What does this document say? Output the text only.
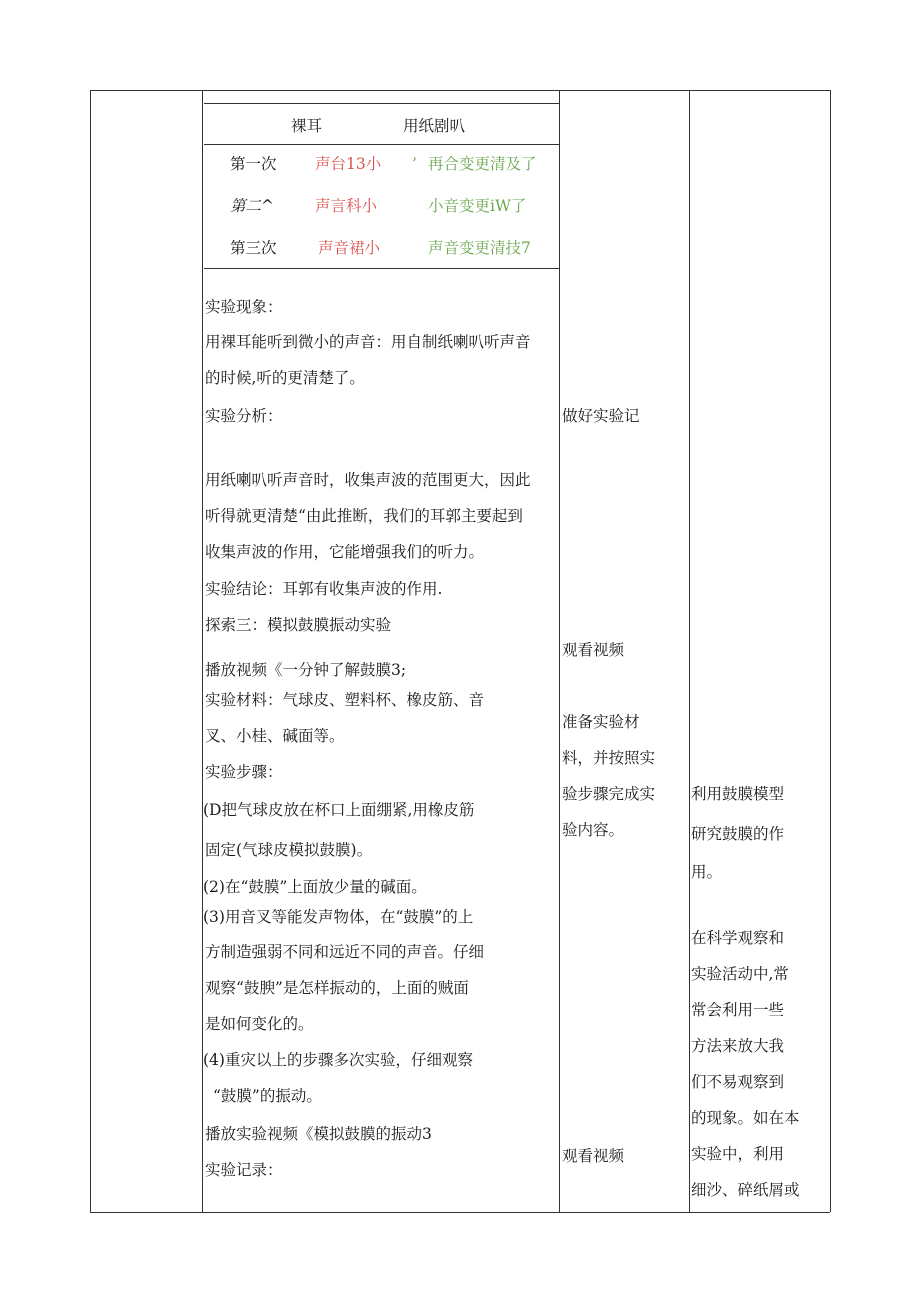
裸耳	用纸剧叭
第一次 声台13小 ’ 再合变更清及了
第二^	声言科小	小音变更iW了
第三次	声音裙小	声音变更清技7
实验现象：
用裸耳能听到微小的声音：用自制纸喇叭听声音
的时候,听的更清楚了。
实验分析：
用纸喇叭听声音时，收集声波的范围更大，因此
听得就更清楚“由此推断，我们的耳郭主要起到
收集声波的作用，它能增强我们的听力。
实验结论：耳郭有收集声波的作用.
探索三：模拟鼓膜振动实验
播放视频《一分钟了解鼓膜3;
实验材料：气球皮、塑料杯、橡皮筋、音
叉、小桂、碱面等。
实验步骤：
(D把气球皮放在杯口上面绷紧,用橡皮筋
固定(气球皮模拟鼓膜)。
(2)在“鼓膜”上面放少量的碱面。
(3)用音叉等能发声物体，在“鼓膜”的上
方制造强弱不同和远近不同的声音。仔细
观察“鼓腴”是怎样振动的，上面的贼面
是如何变化的。
(4)重灾以上的步骤多次实验，仔细观察
“鼓膜”的振动。
播放实验视频《模拟鼓膜的振动3
实验记录：
做好实验记
观看视频
准备实验材
料，并按照实
验步骤完成实
验内容。
观看视频
利用鼓膜模型
研究鼓膜的作
用。
在科学观察和
实验活动中,常
常会利用一些
方法来放大我
们不易观察到
的现象。如在本
实验中，利用
细沙、碎纸屑或
